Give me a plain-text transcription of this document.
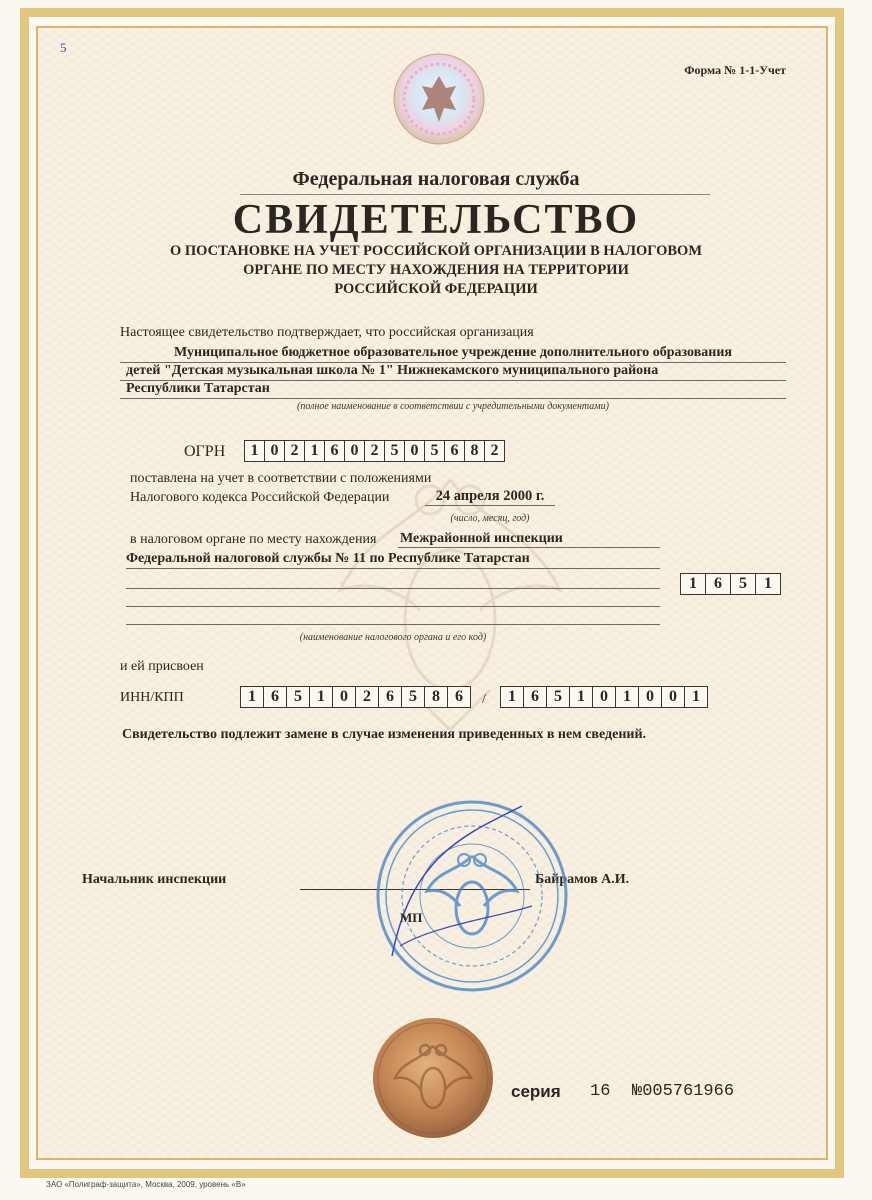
5
Форма № 1-1-Учет
Федеральная налоговая служба
СВИДЕТЕЛЬСТВО
О ПОСТАНОВКЕ НА УЧЕТ РОССИЙСКОЙ ОРГАНИЗАЦИИ В НАЛОГОВОМ
ОРГАНЕ ПО МЕСТУ НАХОЖДЕНИЯ НА ТЕРРИТОРИИ
РОССИЙСКОЙ ФЕДЕРАЦИИ
Настоящее свидетельство подтверждает, что российская организация
Муниципальное бюджетное образовательное учреждение дополнительного образования
детей "Детская музыкальная школа № 1" Нижнекамского муниципального района
Республики Татарстан
(полное наименование в соответствии с учредительными документами)
ОГРН	1 0 2 1 6 0 2 5 0 5 6 8 2
поставлена на учет в соответствии с положениями
Налогового кодекса Российской Федерации	24 апреля 2000 г.
(число, месяц, год)
в налоговом органе по месту нахождения Межрайонной инспекции
Федеральной налоговой службы № 11 по Республике Татарстан
1	6	5	1
(наименование налогового органа и его код)
и ей присвоен
ИНН/КПП	1 6 5 1 0 2 6 5 8 6	/	1 6 5 1 0 1 0 0 1
Свидетельство подлежит замене в случае изменения приведенных в нем сведений.
Начальник инспекции	Байрамов А.И.
МП
серия 16 №005761966
ЗАО «Полиграф-защита», Москва, 2009, уровень «В»
